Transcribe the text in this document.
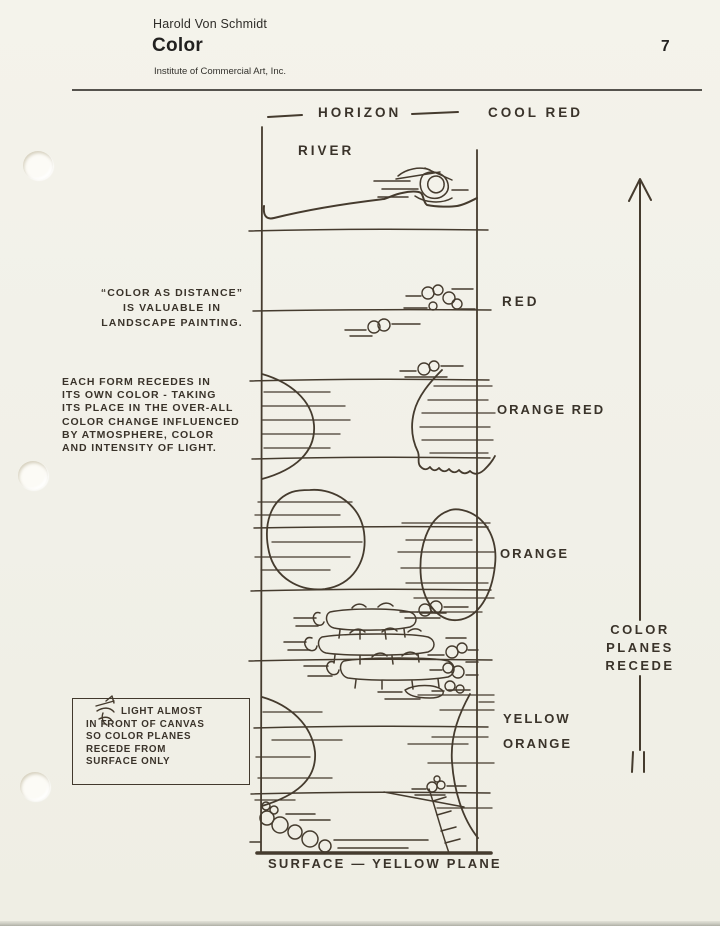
Harold Von Schmidt
Color	7
Institute of Commercial Art, Inc.
HORIZON	COOL RED
RIVER
RED
ORANGE RED
ORANGE
YELLOW
ORANGE
COLOR
PLANES
RECEDE
SURFACE — YELLOW PLANE
“COLOR AS DISTANCE”
IS VALUABLE IN
LANDSCAPE PAINTING.
EACH FORM RECEDES IN
ITS OWN COLOR - TAKING
ITS PLACE IN THE OVER-ALL
COLOR CHANGE INFLUENCED
BY ATMOSPHERE, COLOR
AND INTENSITY OF LIGHT.
LIGHT ALMOST
IN FRONT OF CANVAS
SO COLOR PLANES
RECEDE FROM
SURFACE ONLY
